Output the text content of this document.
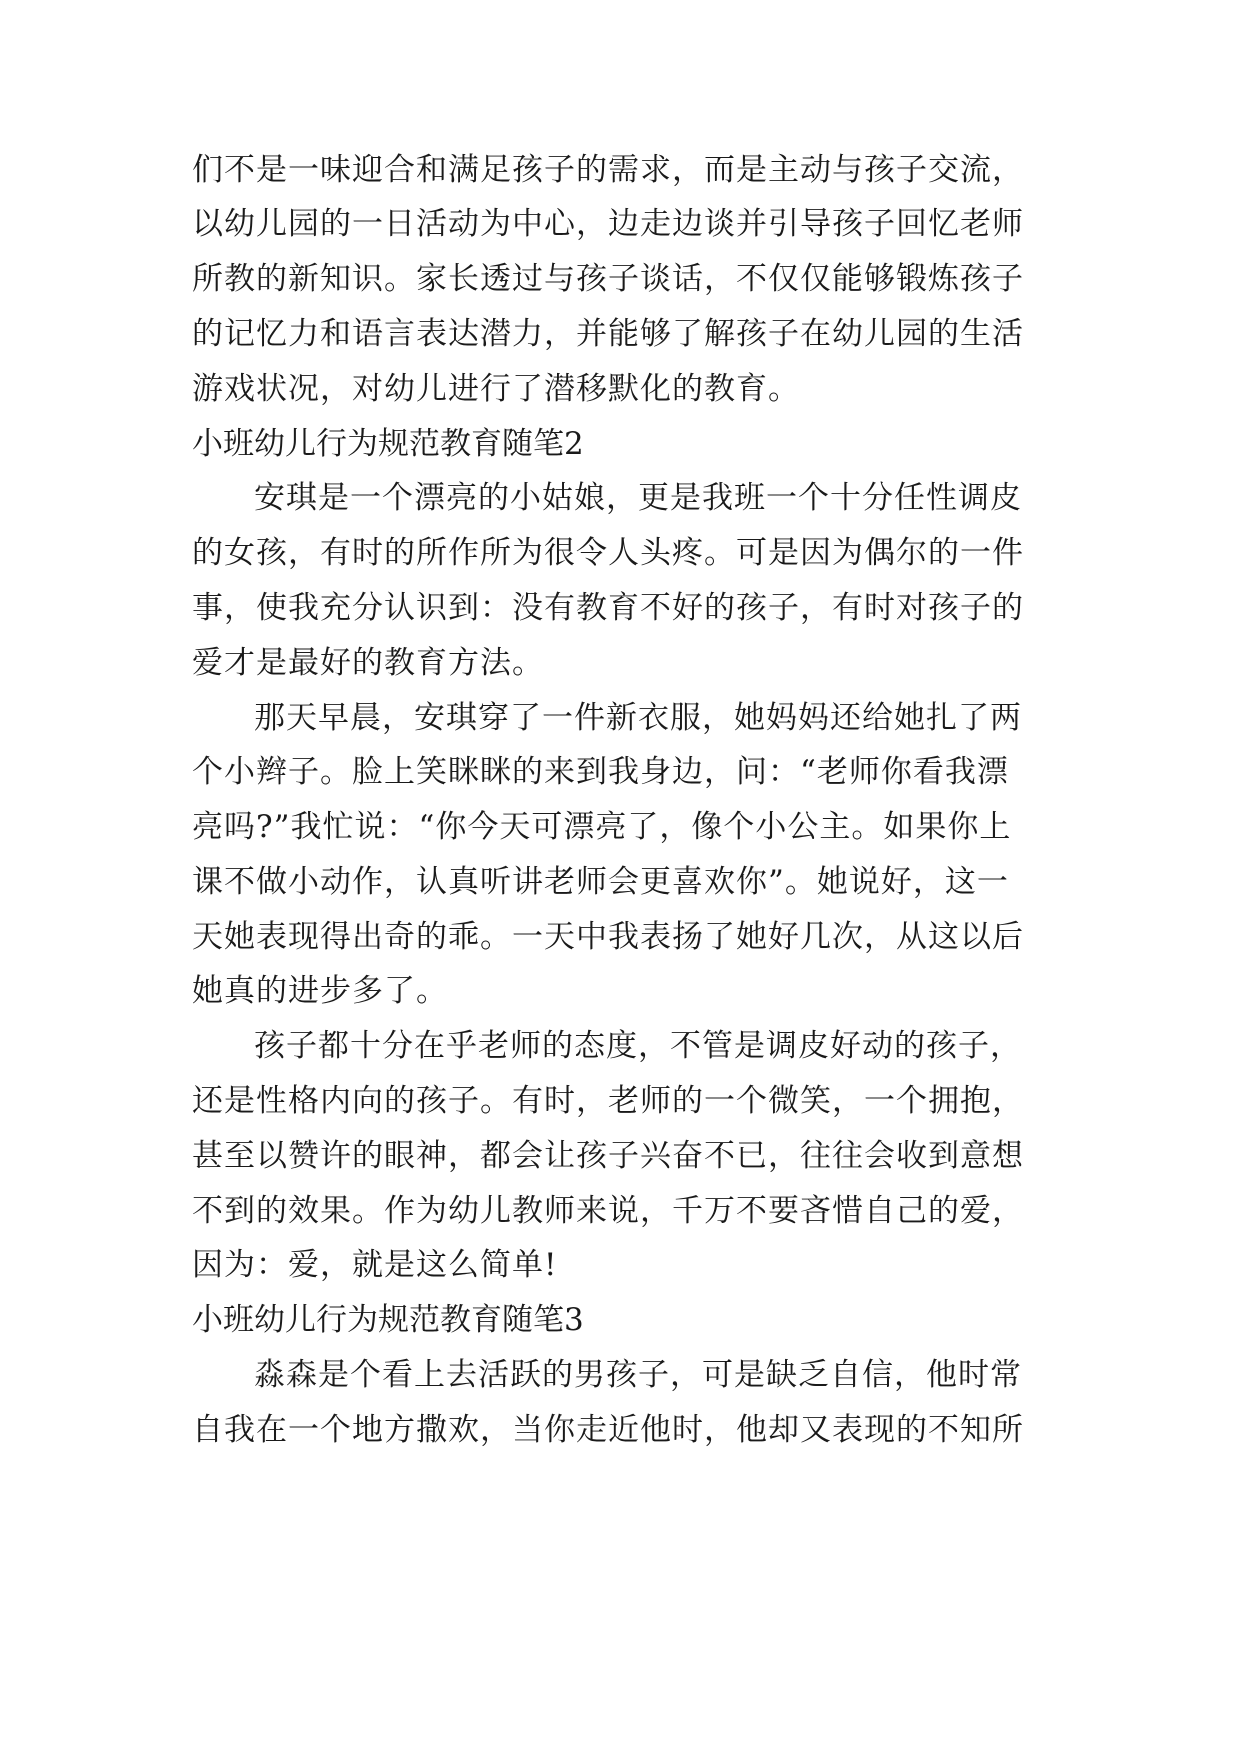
们不是一味迎合和满足孩子的需求，而是主动与孩子交流，
以幼儿园的一日活动为中心，边走边谈并引导孩子回忆老师
所教的新知识。家长透过与孩子谈话，不仅仅能够锻炼孩子
的记忆力和语言表达潜力，并能够了解孩子在幼儿园的生活
游戏状况，对幼儿进行了潜移默化的教育。
小班幼儿行为规范教育随笔2
安琪是一个漂亮的小姑娘，更是我班一个十分任性调皮
的女孩，有时的所作所为很令人头疼。可是因为偶尔的一件
事，使我充分认识到：没有教育不好的孩子，有时对孩子的
爱才是最好的教育方法。
那天早晨，安琪穿了一件新衣服，她妈妈还给她扎了两
个小辫子。脸上笑眯眯的来到我身边，问：“老师你看我漂
亮吗?”我忙说：“你今天可漂亮了，像个小公主。如果你上
课不做小动作，认真听讲老师会更喜欢你”。她说好，这一
天她表现得出奇的乖。一天中我表扬了她好几次，从这以后
她真的进步多了。
孩子都十分在乎老师的态度，不管是调皮好动的孩子，
还是性格内向的孩子。有时，老师的一个微笑，一个拥抱，
甚至以赞许的眼神，都会让孩子兴奋不已，往往会收到意想
不到的效果。作为幼儿教师来说，千万不要吝惜自己的爱，
因为：爱，就是这么简单!
小班幼儿行为规范教育随笔3
淼森是个看上去活跃的男孩子，可是缺乏自信，他时常
自我在一个地方撒欢，当你走近他时，他却又表现的不知所
